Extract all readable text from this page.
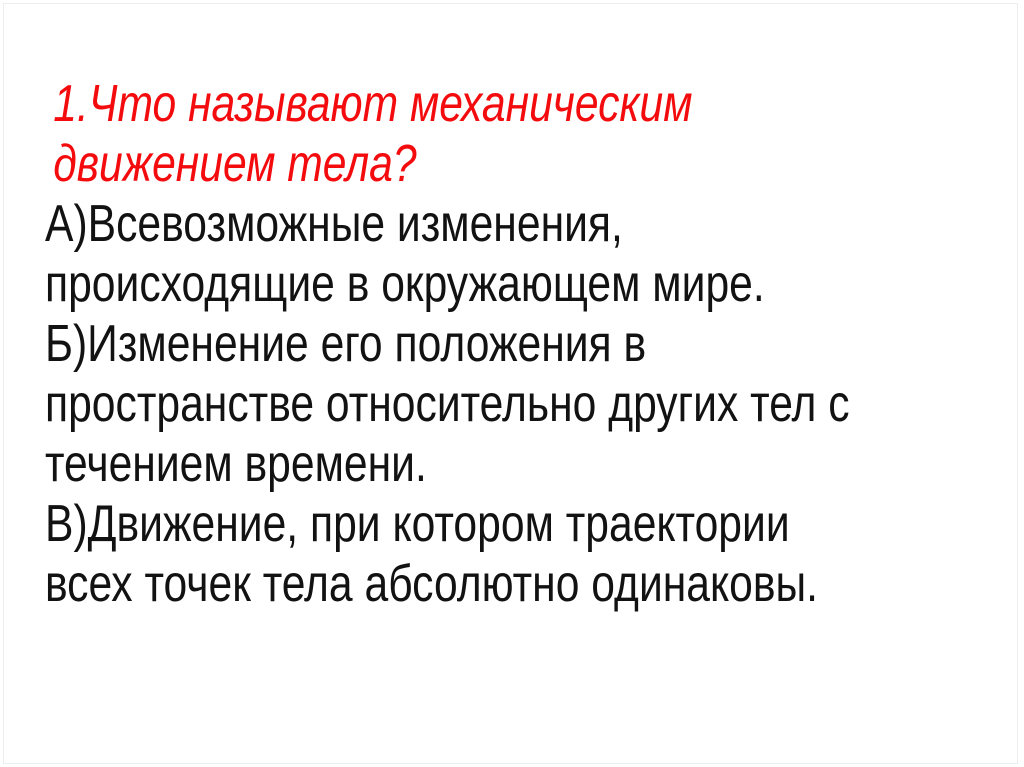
1.Что называют механическим
движением тела?
А)Всевозможные изменения,
происходящие в окружающем мире.
Б)Изменение его положения в
пространстве относительно других тел с
течением времени.
В)Движение, при котором траектории
всех точек тела абсолютно одинаковы.
